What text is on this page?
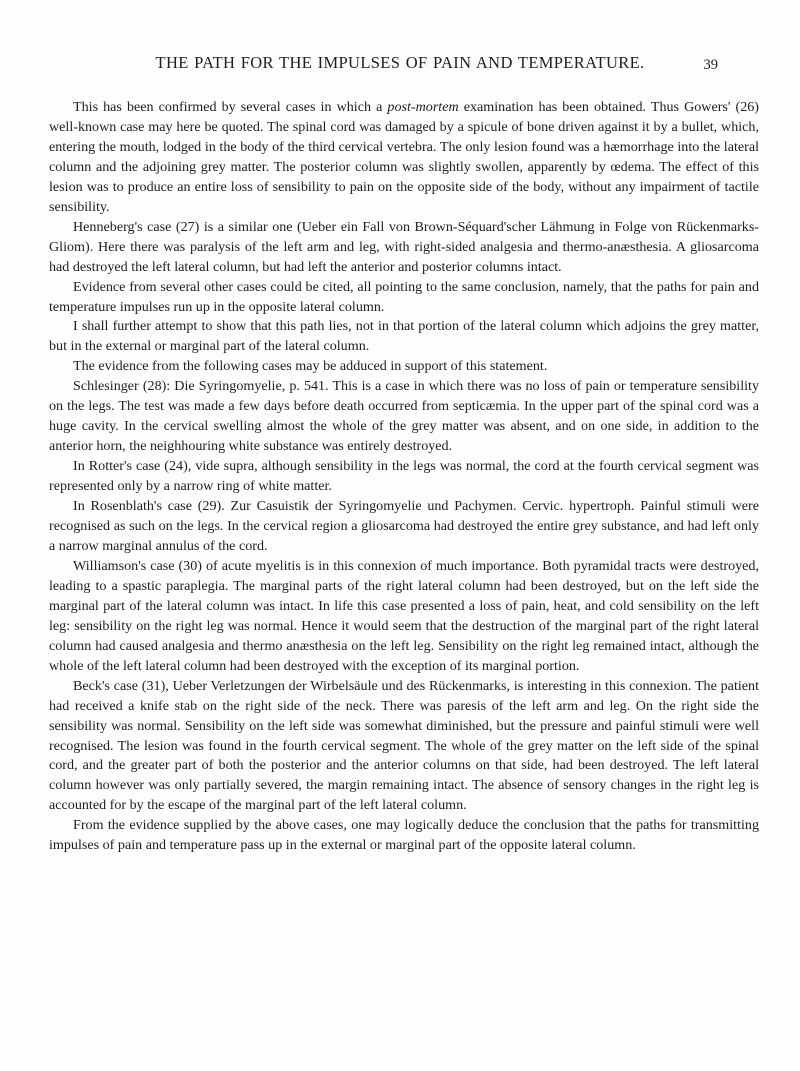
THE PATH FOR THE IMPULSES OF PAIN AND TEMPERATURE.	39

This has been confirmed by several cases in which a post-mortem examination has been obtained. Thus Gowers' (26) well-known case may here be quoted. The spinal cord was damaged by a spicule of bone driven against it by a bullet, which, entering the mouth, lodged in the body of the third cervical vertebra. The only lesion found was a hæmorrhage into the lateral column and the adjoining grey matter. The posterior column was slightly swollen, apparently by œdema. The effect of this lesion was to produce an entire loss of sensibility to pain on the opposite side of the body, without any impairment of tactile sensibility.

Henneberg's case (27) is a similar one (Ueber ein Fall von Brown-Séquard'scher Lähmung in Folge von Rückenmarks-Gliom). Here there was paralysis of the left arm and leg, with right-sided analgesia and thermo-anæsthesia. A gliosarcoma had destroyed the left lateral column, but had left the anterior and posterior columns intact.

Evidence from several other cases could be cited, all pointing to the same conclusion, namely, that the paths for pain and temperature impulses run up in the opposite lateral column.

I shall further attempt to show that this path lies, not in that portion of the lateral column which adjoins the grey matter, but in the external or marginal part of the lateral column.

The evidence from the following cases may be adduced in support of this statement.

Schlesinger (28): Die Syringomyelie, p. 541. This is a case in which there was no loss of pain or temperature sensibility on the legs. The test was made a few days before death occurred from septicæmia. In the upper part of the spinal cord was a huge cavity. In the cervical swelling almost the whole of the grey matter was absent, and on one side, in addition to the anterior horn, the neighhouring white substance was entirely destroyed.

In Rotter's case (24), vide supra, although sensibility in the legs was normal, the cord at the fourth cervical segment was represented only by a narrow ring of white matter.

In Rosenblath's case (29). Zur Casuistik der Syringomyelie und Pachymen. Cervic. hypertroph. Painful stimuli were recognised as such on the legs. In the cervical region a gliosarcoma had destroyed the entire grey substance, and had left only a narrow marginal annulus of the cord.

Williamson's case (30) of acute myelitis is in this connexion of much importance. Both pyramidal tracts were destroyed, leading to a spastic paraplegia. The marginal parts of the right lateral column had been destroyed, but on the left side the marginal part of the lateral column was intact. In life this case presented a loss of pain, heat, and cold sensibility on the left leg: sensibility on the right leg was normal. Hence it would seem that the destruction of the marginal part of the right lateral column had caused analgesia and thermo anæsthesia on the left leg. Sensibility on the right leg remained intact, although the whole of the left lateral column had been destroyed with the exception of its marginal portion.

Beck's case (31), Ueber Verletzungen der Wirbelsäule und des Rückenmarks, is interesting in this connexion. The patient had received a knife stab on the right side of the neck. There was paresis of the left arm and leg. On the right side the sensibility was normal. Sensibility on the left side was somewhat diminished, but the pressure and painful stimuli were well recognised. The lesion was found in the fourth cervical segment. The whole of the grey matter on the left side of the spinal cord, and the greater part of both the posterior and the anterior columns on that side, had been destroyed. The left lateral column however was only partially severed, the margin remaining intact. The absence of sensory changes in the right leg is accounted for by the escape of the marginal part of the left lateral column.

From the evidence supplied by the above cases, one may logically deduce the conclusion that the paths for transmitting impulses of pain and temperature pass up in the external or marginal part of the opposite lateral column.
